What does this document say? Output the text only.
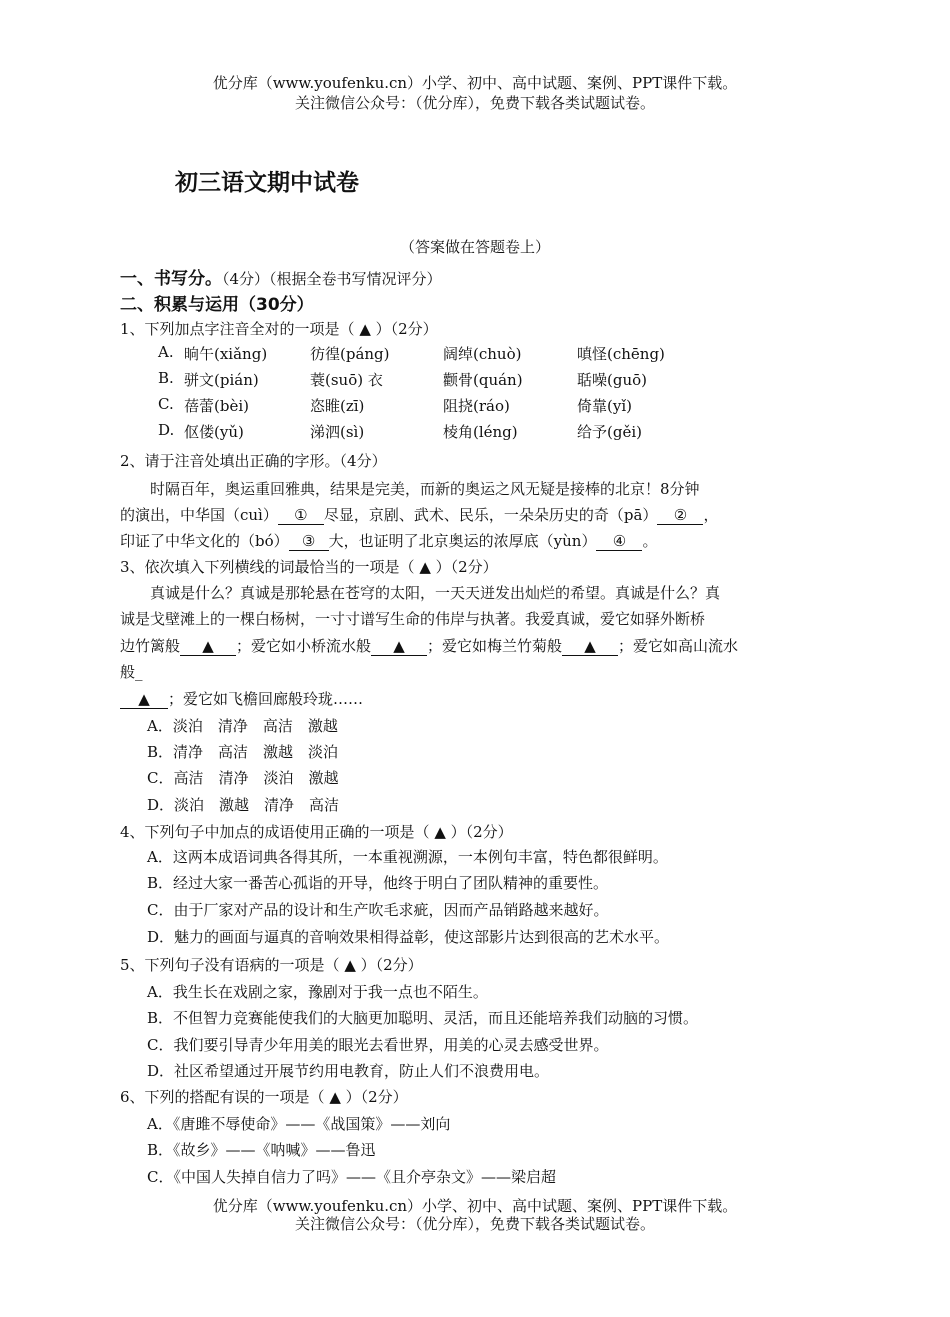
优分库（www.youfenku.cn）小学、初中、高中试题、案例、PPT课件下载。
关注微信公众号：（优分库），免费下载各类试题试卷。
初三语文期中试卷
（答案做在答题卷上）
一、书写分。（4分）（根据全卷书写情况评分）
二、积累与运用（30分）
1、下列加点字注音全对的一项是（ ▲ ）（2分）
A. 晌午(xiǎng)	彷徨(páng)	阔绰(chuò)	嗔怪(chēng)
B. 骈文(pián)	蓑(suō) 衣	颧骨(quán)	聒噪(guō)
C. 蓓蕾(bèi)	恣睢(zī)	阻挠(ráo)	倚靠(yǐ)
D. 伛偻(yǔ)	涕泗(sì)	棱角(léng)	给予(gěi)
2、请于注音处填出正确的字形。（4分）
时隔百年，奥运重回雅典，结果是完美，而新的奥运之风无疑是接棒的北京！8分钟
的演出，中华国（cuì） ① 尽显，京剧、武术、民乐，一朵朵历史的奇（pā） ② ，
印证了中华文化的（bó） ③ 大，也证明了北京奥运的浓厚底（yùn） ④ 。
3、依次填入下列横线的词最恰当的一项是（ ▲ ）（2分）
真诚是什么？真诚是那轮悬在苍穹的太阳，一天天迸发出灿烂的希望。真诚是什么？真
诚是戈壁滩上的一棵白杨树，一寸寸谱写生命的伟岸与执著。我爱真诚，爱它如驿外断桥
边竹篱般 ▲ ；爱它如小桥流水般 ▲ ；爱它如梅兰竹菊般 ▲ ；爱它如高山流水
般_
▲ ；爱它如飞檐回廊般玲珑……
A．淡泊　清净　高洁　激越
B．清净　高洁　激越　淡泊
C．高洁　清净　淡泊　激越
D．淡泊　激越　清净　高洁
4、下列句子中加点的成语使用正确的一项是（ ▲ ）（2分）
A．这两本成语词典各得其所，一本重视溯源，一本例句丰富，特色都很鲜明。
B．经过大家一番苦心孤诣的开导，他终于明白了团队精神的重要性。
C．由于厂家对产品的设计和生产吹毛求疵，因而产品销路越来越好。
D．魅力的画面与逼真的音响效果相得益彰，使这部影片达到很高的艺术水平。
5、下列句子没有语病的一项是（ ▲ ）（2分）
A．我生长在戏剧之家，豫剧对于我一点也不陌生。
B．不但智力竞赛能使我们的大脑更加聪明、灵活，而且还能培养我们动脑的习惯。
C．我们要引导青少年用美的眼光去看世界，用美的心灵去感受世界。
D．社区希望通过开展节约用电教育，防止人们不浪费用电。
6、下列的搭配有误的一项是（ ▲ ）（2分）
A．《唐雎不辱使命》——《战国策》——刘向
B．《故乡》——《呐喊》——鲁迅
C．《中国人失掉自信力了吗》——《且介亭杂文》——梁启超
优分库（www.youfenku.cn）小学、初中、高中试题、案例、PPT课件下载。
关注微信公众号：（优分库），免费下载各类试题试卷。
